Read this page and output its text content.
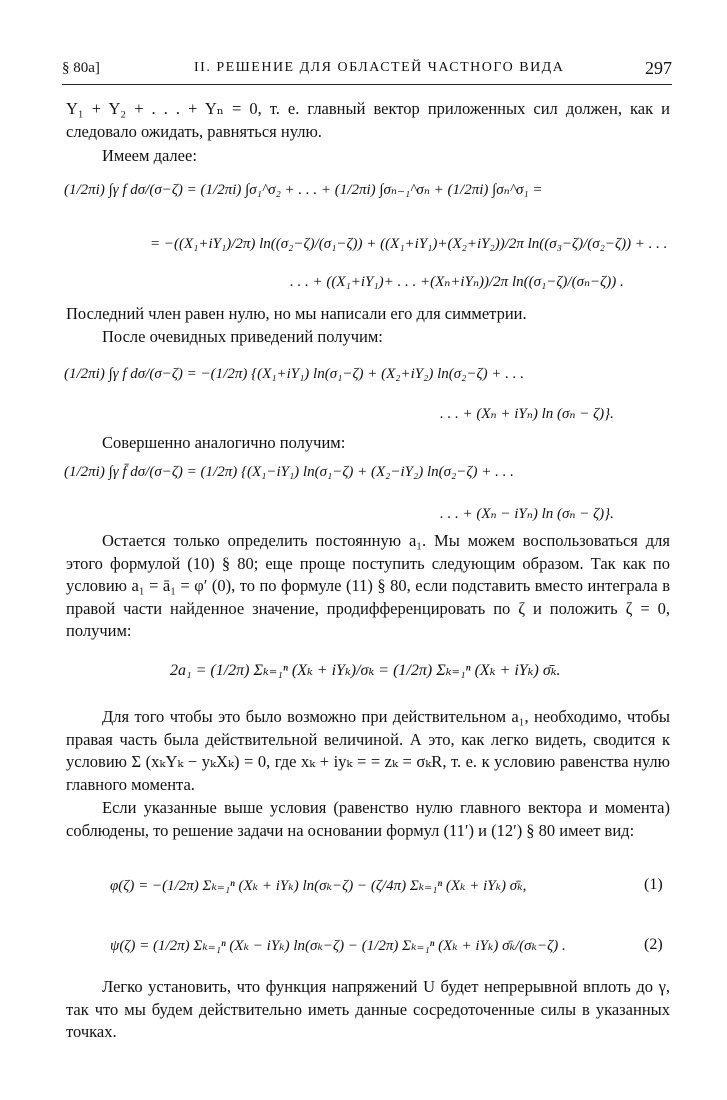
§ 80a]	II. РЕШЕНИЕ ДЛЯ ОБЛАСТЕЙ ЧАСТНОГО ВИДА	297
Y₁ + Y₂ + . . . + Yₙ = 0, т. е. главный вектор приложенных сил должен, как и следовало ожидать, равняться нулю.
Имеем далее:
(1/2πi) ∫γ f dσ/(σ−ζ) = (1/2πi) ∫σ₁^σ₂ + . . . + (1/2πi) ∫σₙ₋₁^σₙ + (1/2πi) ∫σₙ^σ₁ =
= −((X₁+iY₁)/2π) ln((σ₂−ζ)/(σ₁−ζ)) + ((X₁+iY₁)+(X₂+iY₂))/2π ln((σ₃−ζ)/(σ₂−ζ)) + . . .
. . . + ((X₁+iY₁)+ . . . +(Xₙ+iYₙ))/2π ln((σ₁−ζ)/(σₙ−ζ)) .
Последний член равен нулю, но мы написали его для симметрии.
После очевидных приведений получим:
(1/2πi) ∫γ f dσ/(σ−ζ) = −(1/2π) {(X₁+iY₁) ln(σ₁−ζ) + (X₂+iY₂) ln(σ₂−ζ) + . . .
. . . + (Xₙ + iYₙ) ln (σₙ − ζ)}.
Совершенно аналогично получим:
(1/2πi) ∫γ f̄ dσ/(σ−ζ) = (1/2π) {(X₁−iY₁) ln(σ₁−ζ) + (X₂−iY₂) ln(σ₂−ζ) + . . .
. . . + (Xₙ − iYₙ) ln (σₙ − ζ)}.
Остается только определить постоянную a₁. Мы можем воспользоваться для этого формулой (10) § 80; еще проще поступить следующим образом. Так как по условию a₁ = ā₁ = φ′ (0), то по формуле (11) § 80, если подставить вместо интеграла в правой части найденное значение, продифференцировать по ζ и положить ζ = 0, получим:
2a₁ = (1/2π) Σₖ₌₁ⁿ (Xₖ + iYₖ)/σₖ = (1/2π) Σₖ₌₁ⁿ (Xₖ + iYₖ) σ̄ₖ.
Для того чтобы это было возможно при действительном a₁, необходимо, чтобы правая часть была действительной величиной. А это, как легко видеть, сводится к условию Σ (xₖYₖ − yₖXₖ) = 0, где xₖ + iyₖ = = zₖ = σₖR, т. е. к условию равенства нулю главного момента.
Если указанные выше условия (равенство нулю главного вектора и момента) соблюдены, то решение задачи на основании формул (11′) и (12′) § 80 имеет вид:
φ(ζ) = −(1/2π) Σₖ₌₁ⁿ (Xₖ + iYₖ) ln(σₖ−ζ) − (ζ/4π) Σₖ₌₁ⁿ (Xₖ + iYₖ) σ̄ₖ,	(1)
ψ(ζ) = (1/2π) Σₖ₌₁ⁿ (Xₖ − iYₖ) ln(σₖ−ζ) − (1/2π) Σₖ₌₁ⁿ (Xₖ + iYₖ) σ̄ₖ/(σₖ−ζ) .	(2)
Легко установить, что функция напряжений U будет непрерывной вплоть до γ, так что мы будем действительно иметь данные сосредоточенные силы в указанных точках.
